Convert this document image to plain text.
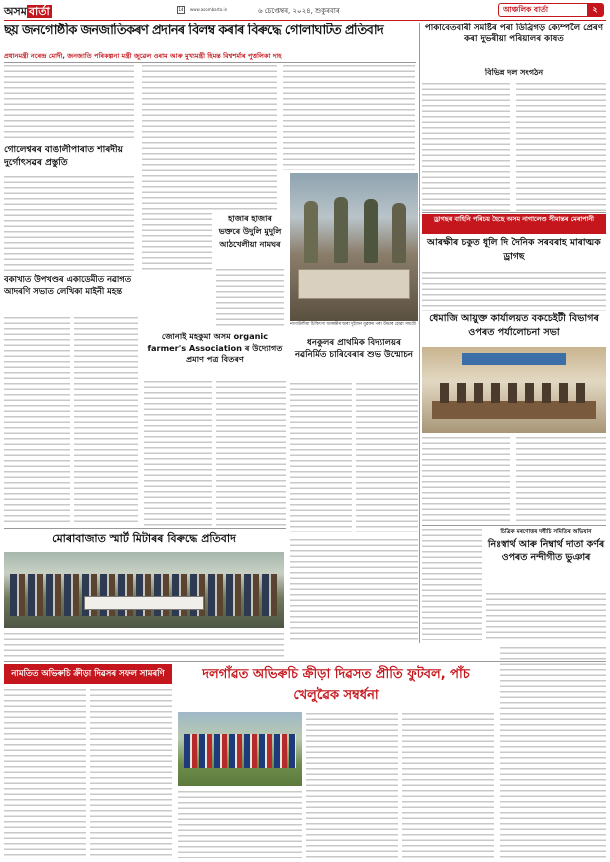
অসম বাৰ্তা	14	www.asombarta.in	৬ চেপ্তেম্বৰ, ২০২৪, শুকুৰবাৰ	আঞ্চলিক বাৰ্তা	২
ছয় জনগোষ্ঠীক জনজাতিকৰণ প্ৰদানৰ বিলম্ব কৰাৰ বিৰুদ্ধে গোলাঘাটত প্ৰতিবাদ
প্ৰধানমন্ত্ৰী নৰেন্দ্ৰ মোদী, জনজাতি পৰিকল্পনা মন্ত্ৰী জুৱেল ওৰাম আৰু মুখ্যমন্ত্ৰী হিমন্ত বিশ্বশৰ্মাৰ পুত্তলিকা দাহ
পাকাবেতবাৰী সমষ্টিৰ পৰা ডিব্ৰিগড় ক্যেম্পলৈ প্ৰেৰণ কৰা দুভৰীয়া পৰিয়ালৰ কাষত
বিভিন্ন দল সংগঠন
গোলেশ্বৰৰ বাঙালীপাৰাত শাৰদীয় দুৰ্গোৎসৱৰ প্ৰস্তুতি
হাজাৰ হাজাৰ ভক্তৰে উদুলি মুদুলি আঠখেলীয়া নামঘৰ
নাগাউলীয়া চিকিৎসা আৰক্ষীৰ দ্বাৰা দুইজন যুৱকৰ পৰা উদ্ধাৰ হোৱা সামগ্ৰী
ধনকুলৰ প্ৰাথমিক বিদ্যালয়ৰ নৱনিৰ্মিত চাৰিবেৰাৰ শুভ উন্মোচন
ড্ৰাগছৰ বাহিনি পৰিচয় হৈছে অসম নাগালেণ্ড সীমান্তৰ মেৰাপানী
আৰক্ষীৰ চকুত ধূলি দি দৈনিক সৰবৰাহ মাৰাত্মক ড্ৰাগছ
ধেমাজি আয়ুক্ত কাৰ্যালয়ত বকচেইটী বিভাগৰ ওপৰত পৰ্যালোচনা সভা
বকাখাত উপখণ্ডৰ একাডেমীত নৱাগত আদৰণি সভাত লেখিকা মাইনী মহন্ত
জোনাই মহকুমা অসম organic farmer's Association ৰ উদ্যোগত প্ৰমাণ পত্ৰ বিতৰণ
মোৰাবাজাত স্মাৰ্ট মিটাৰৰ বিৰুদ্ধে প্ৰতিবাদ	চিত্ৰিক মৰণোত্তৰ দধীচি সমিতিৰ অভিযান
নিঃস্বাৰ্থ আৰু নিম্বাৰ্থ দাতা কৰ্ণৰ ওপৰত নন্দীগীত ভুঞাৰ
নামতিত অভিৰুচি ক্ৰীড়া দিৱসৰ সফল সামৰণি	দলগাঁৱত অভিৰুচি ক্ৰীড়া দিৱসত প্ৰীতি ফুটবল, পাঁচ খেলুৱৈক সম্বৰ্ধনা
